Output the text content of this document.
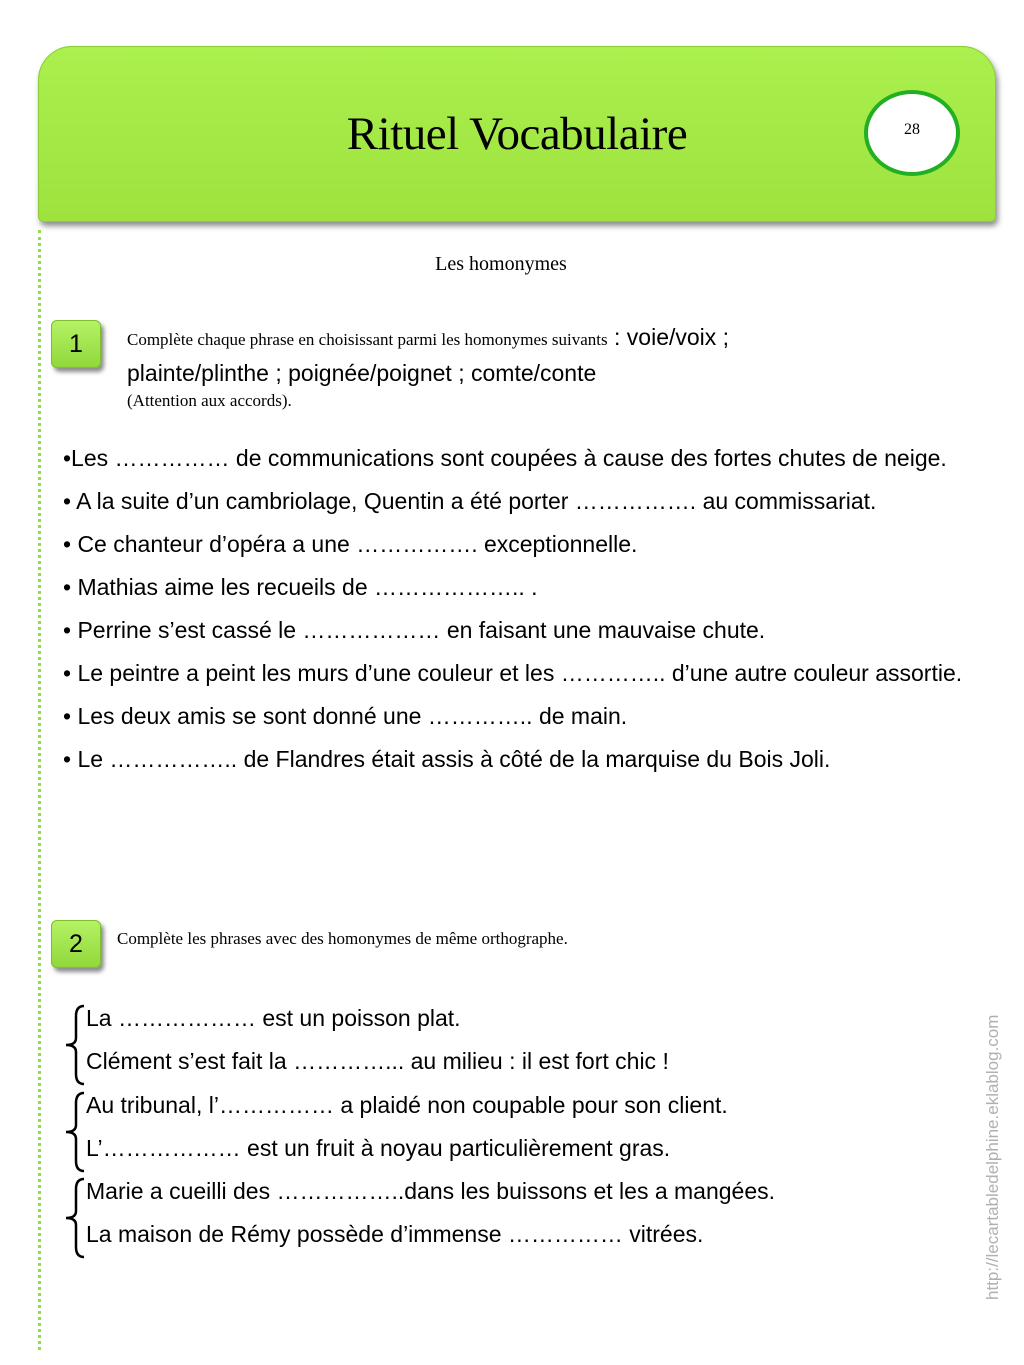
Rituel Vocabulaire	28
Les homonymes
1	Complète chaque phrase en choisissant parmi les homonymes suivants : voie/voix ;
plainte/plinthe ; poignée/poignet ; comte/conte
(Attention aux accords).

•Les …………… de communications sont coupées à cause des fortes chutes de neige.

• A la suite d’un cambriolage, Quentin a été porter ……………. au commissariat.

• Ce chanteur d’opéra a une ……………. exceptionnelle.

• Mathias aime les recueils de ……………….. .

• Perrine s’est cassé le ……………… en faisant une mauvaise chute.

• Le peintre a peint les murs d’une couleur et les ………….. d’une autre couleur assortie.

• Les deux amis se sont donné une ………….. de main.

• Le …………….. de Flandres était assis à côté de la marquise du Bois Joli.

2	Complète les phrases avec des homonymes de même orthographe.
La ……………… est un poisson plat.
Clément s’est fait la …………... au milieu : il est fort chic !
Au tribunal, l’…………… a plaidé non coupable pour son client.
L’……………… est un fruit à noyau particulièrement gras.
Marie a cueilli des ……………..dans les buissons et les a mangées.
La maison de Rémy possède d’immense …………… vitrées.	http://lecartabledelphine.eklablog.com
